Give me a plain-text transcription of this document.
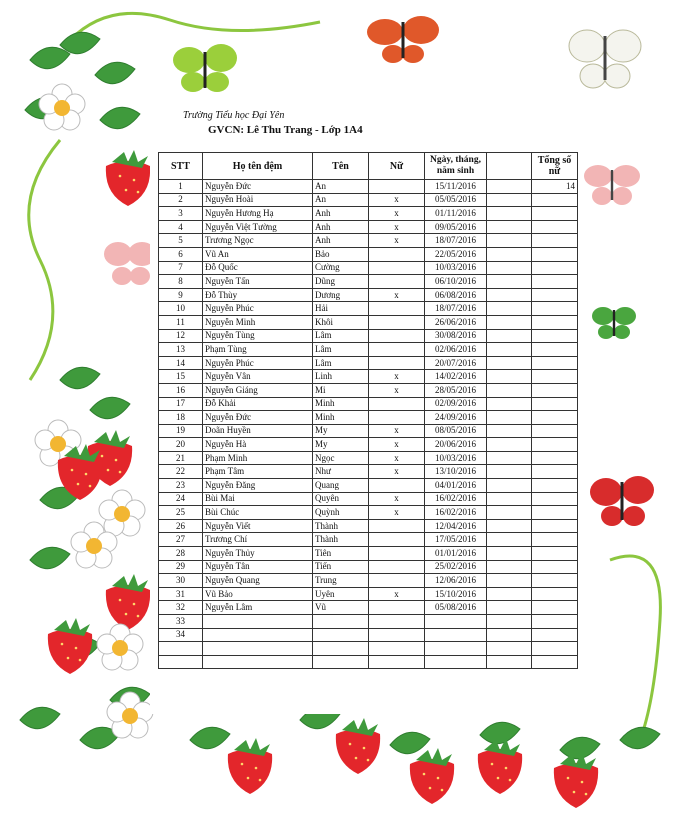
Trường Tiểu học Đại Yên
GVCN: Lê Thu Trang - Lớp 1A4
STT	Họ tên đệm	Tên	Nữ	Ngày, tháng, năm sinh		Tổng số nữ
1	Nguyễn Đức	An		15/11/2016		14
2	Nguyễn Hoài	An	x	05/05/2016		
3	Nguyễn Hương Hạ	Anh	x	01/11/2016		
4	Nguyễn Việt Tường	Anh	x	09/05/2016		
5	Trương Ngọc	Anh	x	18/07/2016		
6	Vũ An	Bảo		22/05/2016		
7	Đỗ Quốc	Cường		10/03/2016		
8	Nguyễn Tấn	Dũng		06/10/2016		
9	Đỗ Thùy	Dương	x	06/08/2016		
10	Nguyễn Phúc	Hải		18/07/2016		
11	Nguyễn Minh	Khôi		26/06/2016		
12	Nguyễn Tùng	Lâm		30/08/2016		
13	Phạm Tùng	Lâm		02/06/2016		
14	Nguyễn Phúc	Lâm		20/07/2016		
15	Nguyễn Vân	Linh	x	14/02/2016		
16	Nguyễn Giáng	Mi	x	28/05/2016		
17	Đỗ Khải	Minh		02/09/2016		
18	Nguyễn Đức	Minh		24/09/2016		
19	Doãn Huyền	My	x	08/05/2016		
20	Nguyễn Hà	My	x	20/06/2016		
21	Phạm Minh	Ngọc	x	10/03/2016		
22	Phạm Tâm	Như	x	13/10/2016		
23	Nguyễn Đăng	Quang		04/01/2016		
24	Bùi Mai	Quyên	x	16/02/2016		
25	Bùi Chúc	Quỳnh	x	16/02/2016		
26	Nguyễn Viết	Thành		12/04/2016		
27	Trương Chí	Thành		17/05/2016		
28	Nguyễn Thủy	Tiên		01/01/2016		
29	Nguyễn Tân	Tiến		25/02/2016		
30	Nguyễn Quang	Trung		12/06/2016		
31	Vũ Bảo	Uyên	x	15/10/2016		
32	Nguyễn Lâm	Vũ		05/08/2016		
33						
34						
